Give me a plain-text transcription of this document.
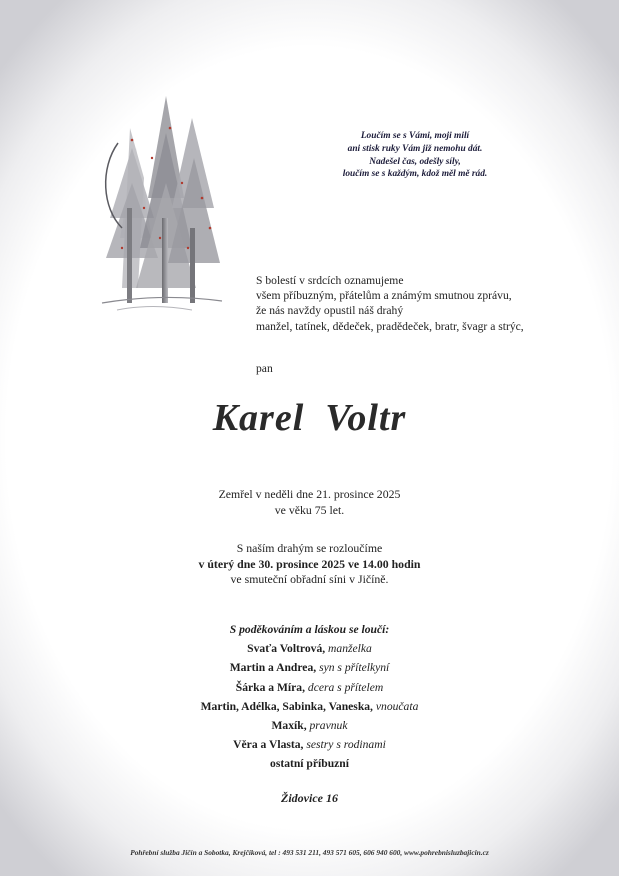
Loučím se s Vámi, moji milí
ani stisk ruky Vám již nemohu dát.
Nadešel čas, odešly síly,
loučím se s každým, kdož měl mě rád.
S bolestí v srdcích oznamujeme
všem příbuzným, přátelům a známým smutnou zprávu,
že nás navždy opustil náš drahý
manžel, tatínek, dědeček, pradědeček, bratr, švagr a strýc,
pan
Karel  Voltr
Zemřel v neděli dne 21. prosince 2025
ve věku 75 let.
S naším drahým se rozloučíme
v úterý dne 30. prosince 2025 ve 14.00 hodin
ve smuteční obřadní síni v Jičíně.
S poděkováním a láskou se loučí:
Svaťa Voltrová, manželka
Martin a Andrea, syn s přítelkyní
Šárka a Míra, dcera s přítelem
Martin, Adélka, Sabinka, Vaneska, vnoučata
Maxík, pravnuk
Věra a Vlasta, sestry s rodinami
ostatní příbuzní
Židovice 16
Pohřební služba Jičín a Sobotka, Krejčíková, tel : 493 531 211, 493 571 605, 606 940 600, www.pohrebnisluzbajicin.cz
